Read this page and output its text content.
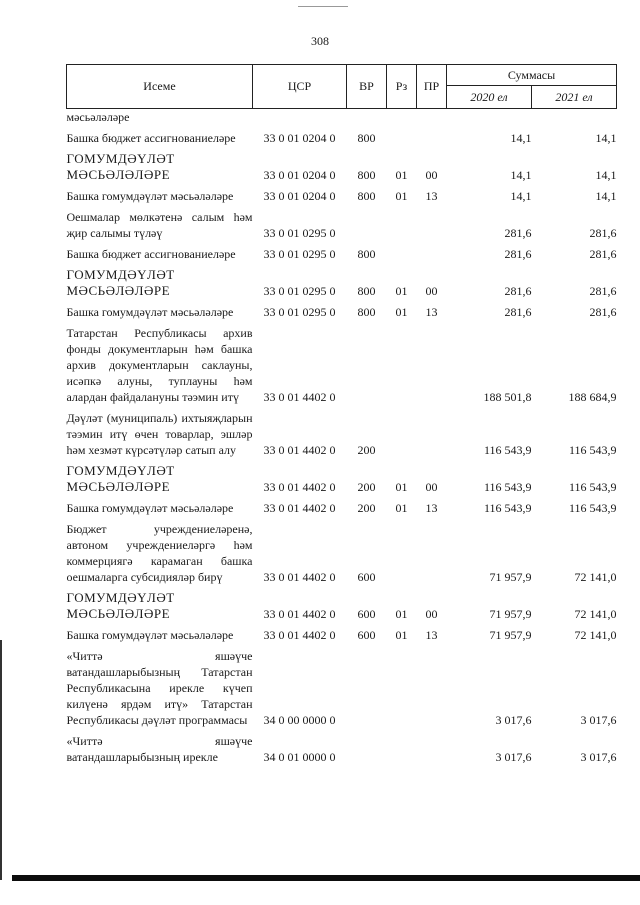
308
Исеме	ЦСР	ВР	Рз	ПР	Суммасы	
					2020 ел	2021 ел
мәсьәләләре						
Башка бюджет ассигнованиеләре	33 0 01 0204 0	800			14,1	14,1
ГОМУМДӘҮЛӘТ МӘСЬӘЛӘЛӘРЕ	33 0 01 0204 0	800	01	00	14,1	14,1
Башка гомумдәүләт мәсьәләләре	33 0 01 0204 0	800	01	13	14,1	14,1
Оешмалар мөлкәтенә салым һәм җир салымы түләү	33 0 01 0295 0				281,6	281,6
Башка бюджет ассигнованиеләре	33 0 01 0295 0	800			281,6	281,6
ГОМУМДӘҮЛӘТ МӘСЬӘЛӘЛӘРЕ	33 0 01 0295 0	800	01	00	281,6	281,6
Башка гомумдәүләт мәсьәләләре	33 0 01 0295 0	800	01	13	281,6	281,6
Татарстан Республикасы архив фонды документларын һәм башка архив документларын саклауны, исәпкә алуны, туплауны һәм алардан файдалануны тәэмин итү	33 0 01 4402 0				188 501,8	188 684,9
Дәүләт (муниципаль) ихтыяҗларын тәэмин итү өчен товарлар, эшләр һәм хезмәт күрсәтүләр сатып алу	33 0 01 4402 0	200			116 543,9	116 543,9
ГОМУМДӘҮЛӘТ МӘСЬӘЛӘЛӘРЕ	33 0 01 4402 0	200	01	00	116 543,9	116 543,9
Башка гомумдәүләт мәсьәләләре	33 0 01 4402 0	200	01	13	116 543,9	116 543,9
Бюджет учреждениеләренә, автоном учреждениеләргә һәм коммерциягә карамаган башка оешмаларга субсидияләр бирү	33 0 01 4402 0	600			71 957,9	72 141,0
ГОМУМДӘҮЛӘТ МӘСЬӘЛӘЛӘРЕ	33 0 01 4402 0	600	01	00	71 957,9	72 141,0
Башка гомумдәүләт мәсьәләләре	33 0 01 4402 0	600	01	13	71 957,9	72 141,0
«Читтә яшәүче ватандашларыбызның Татарстан Республикасына ирекле күчеп килүенә ярдәм итү» Татарстан Республикасы дәүләт программасы	34 0 00 0000 0				3 017,6	3 017,6
«Читтә яшәүче ватандашларыбызның ирекле	34 0 01 0000 0				3 017,6	3 017,6
